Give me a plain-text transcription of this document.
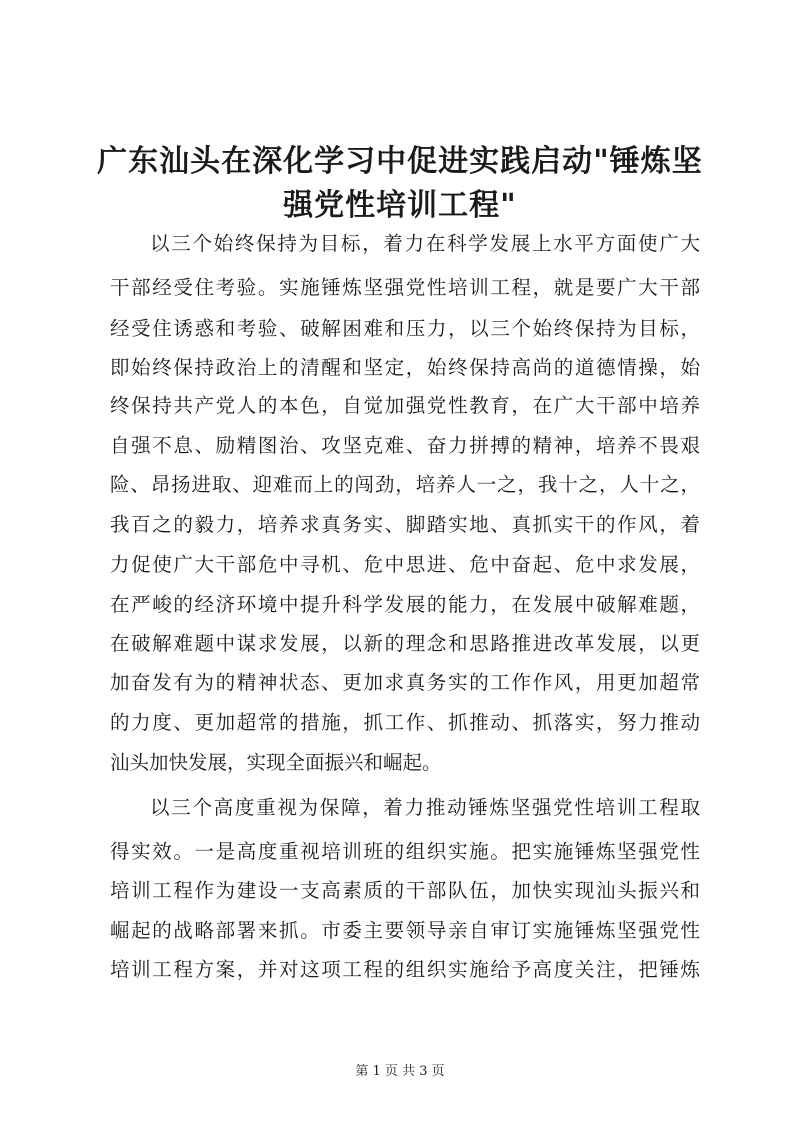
广东汕头在深化学习中促进实践启动"锤炼坚
强党性培训工程"

以三个始终保持为目标，着力在科学发展上水平方面使广大

干部经受住考验。实施锤炼坚强党性培训工程，就是要广大干部

经受住诱惑和考验、破解困难和压力，以三个始终保持为目标，

即始终保持政治上的清醒和坚定，始终保持高尚的道德情操，始

终保持共产党人的本色，自觉加强党性教育，在广大干部中培养

自强不息、励精图治、攻坚克难、奋力拼搏的精神，培养不畏艰

险、昂扬进取、迎难而上的闯劲，培养人一之，我十之，人十之，

我百之的毅力，培养求真务实、脚踏实地、真抓实干的作风，着

力促使广大干部危中寻机、危中思进、危中奋起、危中求发展，

在严峻的经济环境中提升科学发展的能力，在发展中破解难题，

在破解难题中谋求发展，以新的理念和思路推进改革发展，以更

加奋发有为的精神状态、更加求真务实的工作作风，用更加超常

的力度、更加超常的措施，抓工作、抓推动、抓落实，努力推动

汕头加快发展，实现全面振兴和崛起。

以三个高度重视为保障，着力推动锤炼坚强党性培训工程取

得实效。一是高度重视培训班的组织实施。把实施锤炼坚强党性

培训工程作为建设一支高素质的干部队伍，加快实现汕头振兴和

崛起的战略部署来抓。市委主要领导亲自审订实施锤炼坚强党性

培训工程方案，并对这项工程的组织实施给予高度关注，把锤炼

第 1 页 共 3 页
